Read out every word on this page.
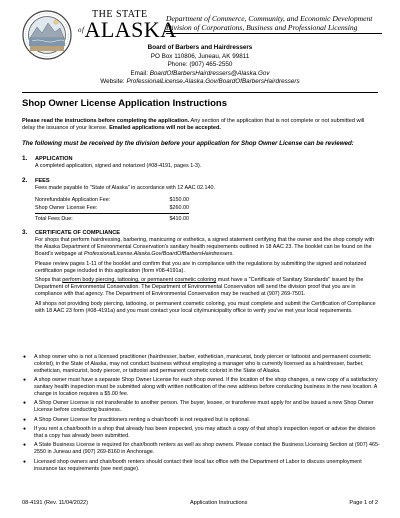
THE STATE
$^{of}$ALASKA
Department of Commerce, Community, and Economic Development
Division of Corporations, Business and Professional Licensing
Board of Barbers and Hairdressers
PO Box 110806, Juneau, AK 99811
Phone: (907) 465-2550
Email: BoardOfBarbersHairdressers@Alaska.Gov
Website: ProfessionalLicense.Alaska.Gov/BoardOfBarbersHairdressers
Shop Owner License Application Instructions
Please read the instructions before completing the application. Any section of the application that is not complete or not submitted will delay the issuance of your license. Emailed applications will not be accepted.
The following must be received by the division before your application for Shop Owner License can be reviewed:
1. APPLICATION

A completed application, signed and notarized (#08-4191, pages 1-3).

2. FEES

Fees made payable to "State of Alaska" in accordance with 12 AAC 02.140.

Nonrefundable Application Fee:	$150.00
Shop Owner License Fee:	$260.00
Total Fees Due:	$410.00
3. CERTIFICATE OF COMPLIANCE

For shops that perform hairdressing, barbering, manicuring or esthetics, a signed statement certifying that the owner and the shop comply with the Alaska Department of Environmental Conservation's sanitary health requirements outlined in 18 AAC 23. The booklet can be found on the Board's webpage at ProfessionalLicense.Alaska.Gov/BoardOfBarbersHairdressers.

Please review pages 1-11 of the booklet and confirm that you are in compliance with the regulations by submitting the signed and notarized certification page included in this application (form #08-4191a).

Shops that perform body piercing, tattooing, or permanent cosmetic coloring must have a "Certificate of Sanitary Standards" issued by the Department of Environmental Conservation. The Department of Environmental Conservation will send the division proof that you are in compliance with that agency. The Department of Environmental Conservation may be reached at (907) 269-7501.

All shops not providing body piercing, tattooing, or permanent cosmetic coloring, you must complete and submit the Certification of Compliance with 18 AAC 23 form (#08-4191a) and you must contact your local city/municipality office to verify you've met your local requirements.

● A shop owner who is not a licensed practitioner (hairdresser, barber, esthetician, manicurist, body piercer or tattooist and permanent cosmetic colorist), in the State of Alaska, may not conduct business without employing a manager who is currently licensed as a hairdresser, barber, esthetician, manicurist, body piercer, or tattooist and permanent cosmetic colorist in the State of Alaska.
● A shop owner must have a separate Shop Owner License for each shop owned. If the location of the shop changes, a new copy of a satisfactory sanitary health inspection must be submitted along with written notification of the new address before conducting business in the new location. A change in location requires a $5.00 fee.
● A Shop Owner License is not transferable to another person. The buyer, lessee, or transferee must apply for and be issued a new Shop Owner License before conducting business.
● A Shop Owner License for practitioners renting a chair/booth is not required but is optional.
● If you rent a chair/booth in a shop that already has been inspected, you may attach a copy of that shop's inspection report or advise the division that a copy has already been submitted.
● A State Business License is required for chair/booth renters as well as shop owners. Please contact the Business Licensing Section at (907) 465-2550 in Juneau and (907) 269-8160 in Anchorage.
● Licensed shop owners and chair/booth renters should contact their local tax office with the Department of Labor to discuss unemployment insurance tax requirements (see next page).
08-4191 (Rev. 11/04/2022)	Application Instructions	Page 1 of 2
